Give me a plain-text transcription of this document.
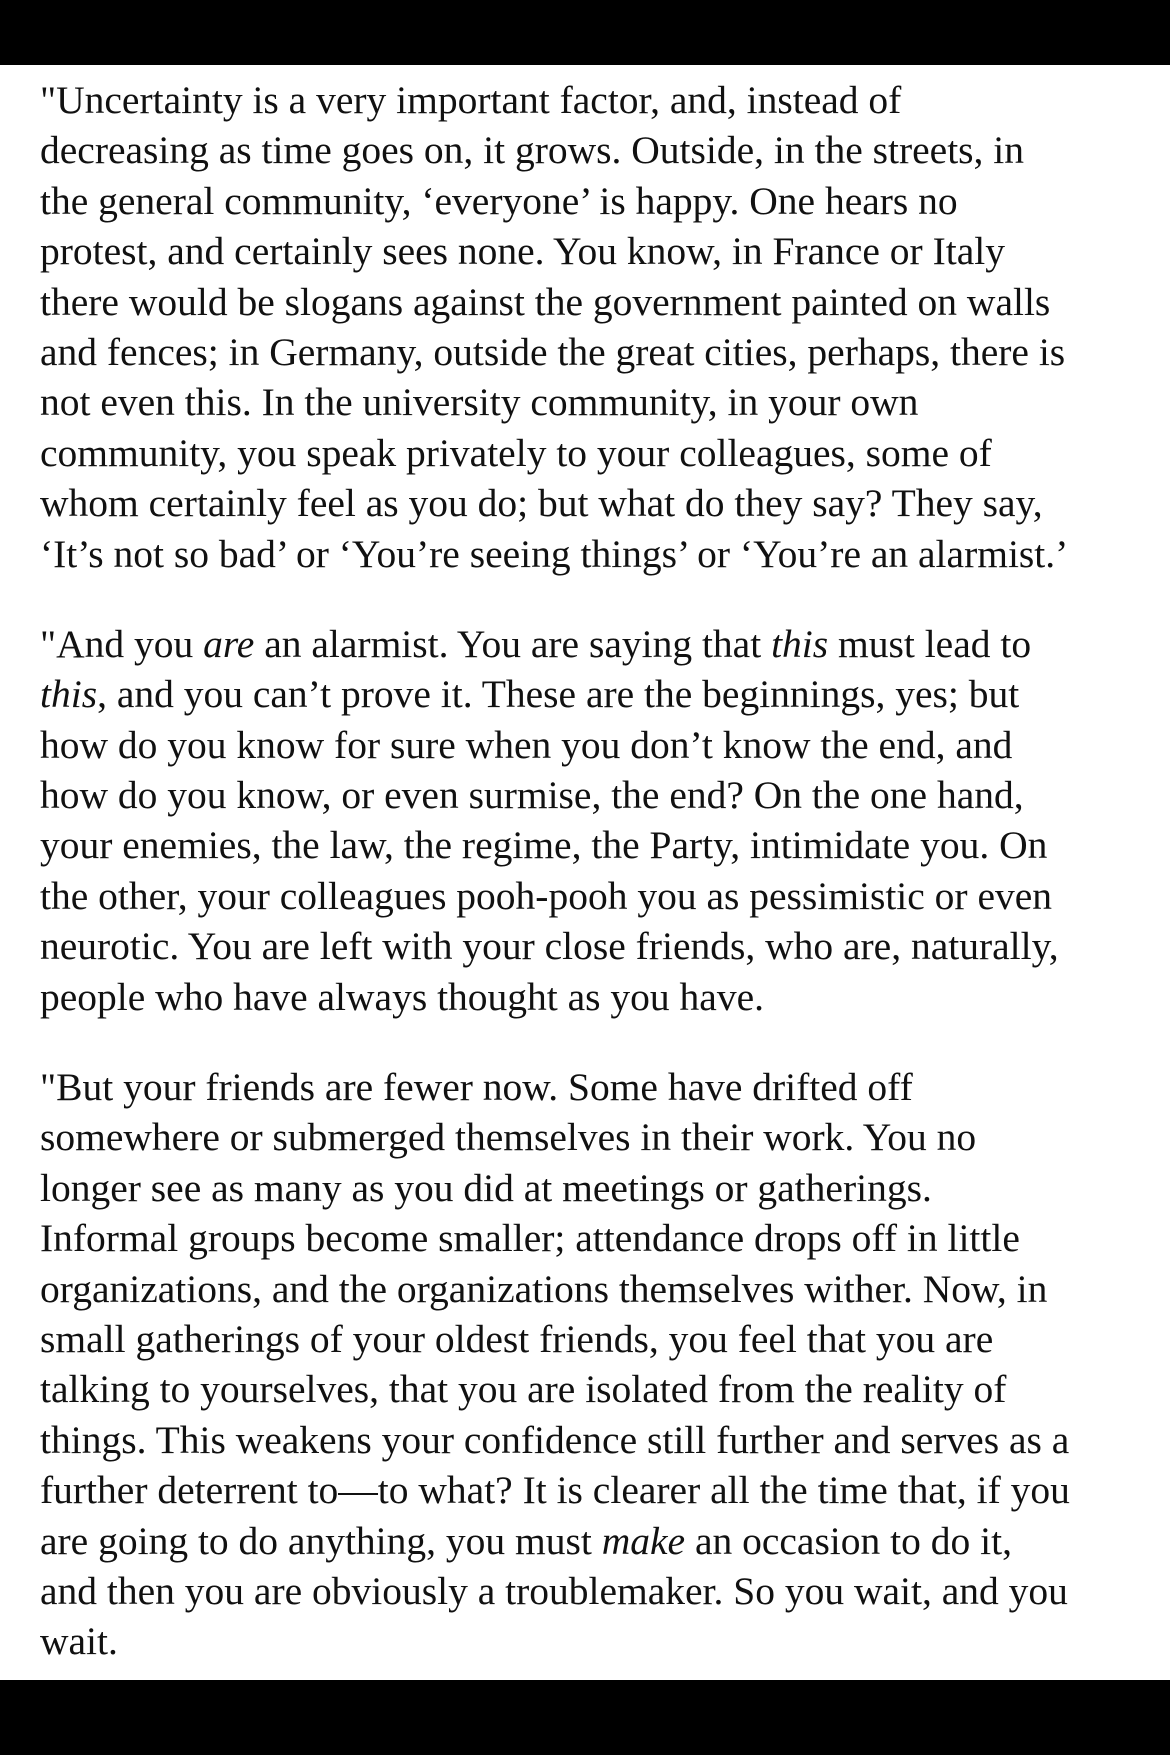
"Uncertainty is a very important factor, and, instead of
decreasing as time goes on, it grows. Outside, in the streets, in
the general community, ‘everyone’ is happy. One hears no
protest, and certainly sees none. You know, in France or Italy
there would be slogans against the government painted on walls
and fences; in Germany, outside the great cities, perhaps, there is
not even this. In the university community, in your own
community, you speak privately to your colleagues, some of
whom certainly feel as you do; but what do they say? They say,
‘It’s not so bad’ or ‘You’re seeing things’ or ‘You’re an alarmist.’
"And you are an alarmist. You are saying that this must lead to
this, and you can’t prove it. These are the beginnings, yes; but
how do you know for sure when you don’t know the end, and
how do you know, or even surmise, the end? On the one hand,
your enemies, the law, the regime, the Party, intimidate you. On
the other, your colleagues pooh-pooh you as pessimistic or even
neurotic. You are left with your close friends, who are, naturally,
people who have always thought as you have.
"But your friends are fewer now. Some have drifted off
somewhere or submerged themselves in their work. You no
longer see as many as you did at meetings or gatherings.
Informal groups become smaller; attendance drops off in little
organizations, and the organizations themselves wither. Now, in
small gatherings of your oldest friends, you feel that you are
talking to yourselves, that you are isolated from the reality of
things. This weakens your confidence still further and serves as a
further deterrent to—to what? It is clearer all the time that, if you
are going to do anything, you must make an occasion to do it,
and then you are obviously a troublemaker. So you wait, and you
wait.
